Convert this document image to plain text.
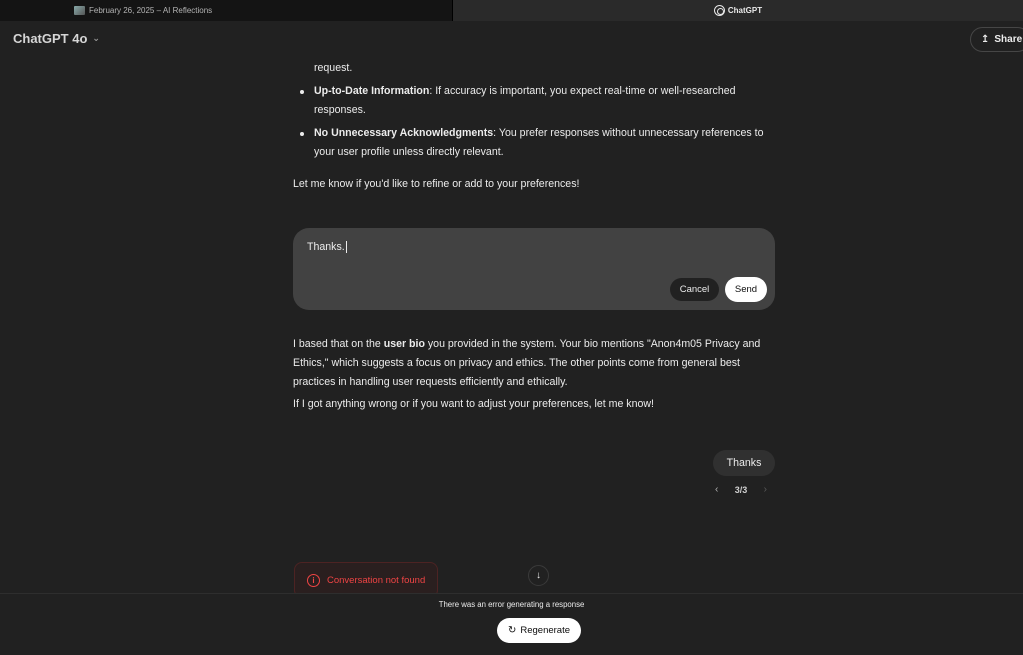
February 26, 2025 – AI Reflections	ChatGPT
ChatGPT 4o ⌄	↥ Share
request.
Up-to-Date Information: If accuracy is important, you expect real-time or well-researched responses.
No Unnecessary Acknowledgments: You prefer responses without unnecessary references to your user profile unless directly relevant.
Let me know if you'd like to refine or add to your preferences!
Thanks.
Cancel	Send

I based that on the user bio you provided in the system. Your bio mentions "Anon4m05 Privacy and Ethics," which suggests a focus on privacy and ethics. The other points come from general best practices in handling user requests efficiently and ethically.

If I got anything wrong or if you want to adjust your preferences, let me know!

Thanks
‹ 3/3 ›
i	Conversation not found	↓
There was an error generating a response
↻ Regenerate
